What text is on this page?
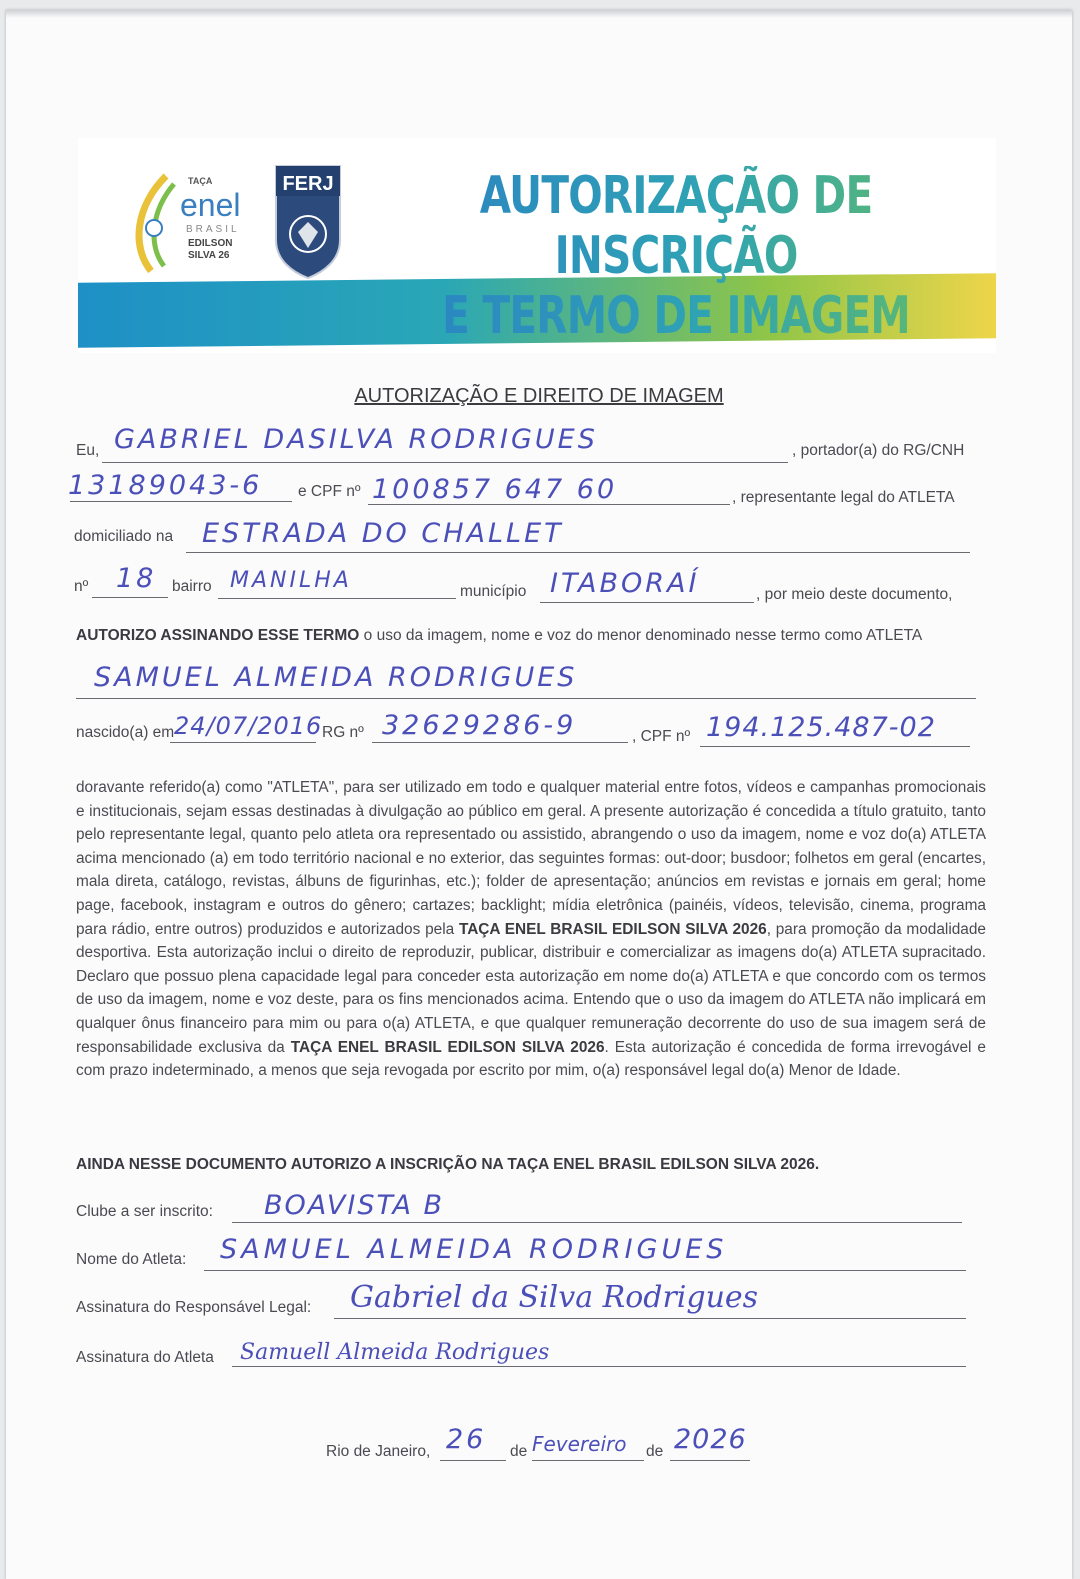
TAÇA
enel
BRASIL
EDILSON
SILVA 26
FERJ	AUTORIZAÇÃO DE INSCRIÇÃO
E TERMO DE IMAGEM
AUTORIZAÇÃO E DIREITO DE IMAGEM
Eu, GABRIEL DASILVA RODRIGUES	, portador(a) do RG/CNH
13189043-6 e CPF nº 100857 647 60	, representante legal do ATLETA
domiciliado na ESTRADA DO CHALLET
nº 18 bairro MANILHA	município ITABORAÍ	, por meio deste documento,
AUTORIZO ASSINANDO ESSE TERMO o uso da imagem, nome e voz do menor denominado nesse termo como ATLETA
SAMUEL ALMEIDA RODRIGUES
nascido(a) em 24/07/2016 RG nº 32629286-9	, CPF nº 194.125.487-02
doravante referido(a) como "ATLETA", para ser utilizado em todo e qualquer material entre fotos, vídeos e campanhas promocionais e institucionais, sejam essas destinadas à divulgação ao público em geral. A presente autorização é concedida a título gratuito, tanto pelo representante legal, quanto pelo atleta ora representado ou assistido, abrangendo o uso da imagem, nome e voz do(a) ATLETA acima mencionado (a) em todo território nacional e no exterior, das seguintes formas: out-door; busdoor; folhetos em geral (encartes, mala direta, catálogo, revistas, álbuns de figurinhas, etc.); folder de apresentação; anúncios em revistas e jornais em geral; home page, facebook, instagram e outros do gênero; cartazes; backlight; mídia eletrônica (painéis, vídeos, televisão, cinema, programa para rádio, entre outros) produzidos e autorizados pela TAÇA ENEL BRASIL EDILSON SILVA 2026, para promoção da modalidade desportiva. Esta autorização inclui o direito de reproduzir, publicar, distribuir e comercializar as imagens do(a) ATLETA supracitado. Declaro que possuo plena capacidade legal para conceder esta autorização em nome do(a) ATLETA e que concordo com os termos de uso da imagem, nome e voz deste, para os fins mencionados acima. Entendo que o uso da imagem do ATLETA não implicará em qualquer ônus financeiro para mim ou para o(a) ATLETA, e que qualquer remuneração decorrente do uso de sua imagem será de responsabilidade exclusiva da TAÇA ENEL BRASIL EDILSON SILVA 2026. Esta autorização é concedida de forma irrevogável e com prazo indeterminado, a menos que seja revogada por escrito por mim, o(a) responsável legal do(a) Menor de Idade.
AINDA NESSE DOCUMENTO AUTORIZO A INSCRIÇÃO NA TAÇA ENEL BRASIL EDILSON SILVA 2026.
Clube a ser inscrito: BOAVISTA B
Nome do Atleta: SAMUEL ALMEIDA RODRIGUES
Assinatura do Responsável Legal: Gabriel da Silva Rodrigues
Assinatura do Atleta Samuell Almeida Rodrigues
Rio de Janeiro, 26 de Fevereiro de 2026
